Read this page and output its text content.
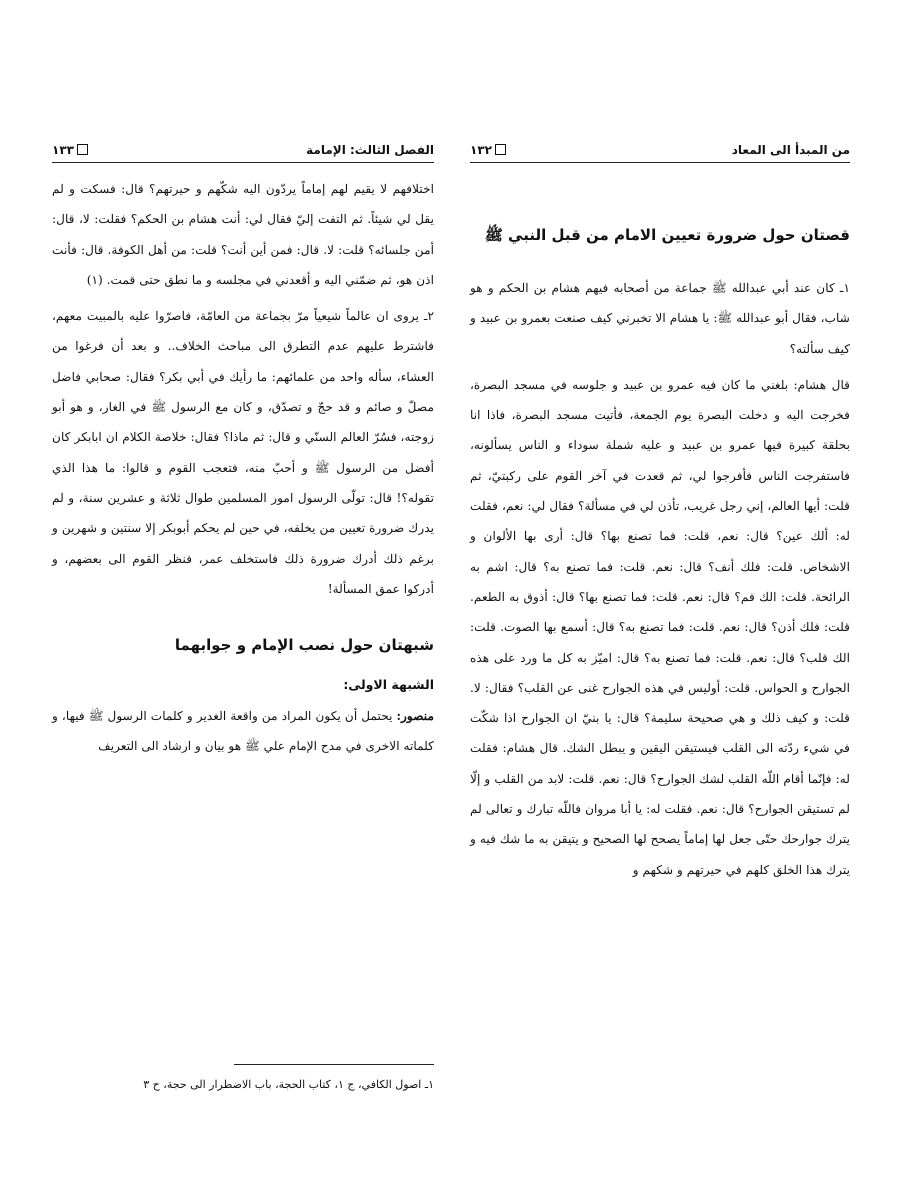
١٣٢	من المبدأ الى المعاد
قصتان حول ضرورة تعيين الامام من قبل النبي ﷺ

١ـ كان عند أبي عبدالله ﷺ جماعة من أصحابه فيهم هشام بن الحكم و هو شاب، فقال أبو عبدالله ﷺ: يا هشام الا تخبرني كيف صنعت بعمرو بن عبيد و كيف سألته؟

قال هشام: بلغني ما كان فيه عمرو بن عبيد و جلوسه في مسجد البصرة، فخرجت اليه و دخلت البصرة يوم الجمعة، فأتيت مسجد البصرة، فاذا انا بحلقة كبيرة فيها عمرو بن عبيد و عليه شملة سوداء و الناس يسألونه، فاستفرجت الناس فأفرجوا لي، ثم قعدت في آخر القوم على ركبتيّ، ثم قلت: أيها العالم، إني رجل غريب، تأذن لي في مسألة؟ فقال لي: نعم، فقلت له: ألك عين؟ قال: نعم، قلت: فما تصنع بها؟ قال: أرى بها الألوان و الاشخاص. قلت: فلك أنف؟ قال: نعم. قلت: فما تصنع به؟ قال: اشم به الرائحة. قلت: الك فم؟ قال: نعم. قلت: فما تصنع بها؟ قال: أذوق به الطعم. قلت: فلك أذن؟ قال: نعم. قلت: فما تصنع به؟ قال: أسمع بها الصوت. قلت: الك قلب؟ قال: نعم. قلت: فما تصنع به؟ قال: اميّز به كل ما ورد على هذه الجوارح و الحواس. قلت: أوليس في هذه الجوارح غنى عن القلب؟ فقال: لا. قلت: و كيف ذلك و هي صحيحة سليمة؟ قال: يا بنيّ ان الجوارح اذا شكّت في شيء ردّته الى القلب فيستيقن اليقين و يبطل الشك. قال هشام: فقلت له: فإنّما أقام اللّه القلب لشك الجوارح؟ قال: نعم. قلت: لابد من القلب و إلّا لم تستيقن الجوارح؟ قال: نعم. فقلت له: يا أبا مروان فاللّه تبارك و تعالى لم يترك جوارحك حتّى جعل لها إماماً يصحح لها الصحيح و يتيقن به ما شك فيه و يترك هذا الخلق كلهم في حيرتهم و شكهم و

١٣٣	الفصل الثالث: الإمامة

اختلافهم لا يقيم لهم إماماً يردّون اليه شكّهم و حيرتهم؟ قال: فسكت و لم يقل لي شيئاً. ثم التفت إليّ فقال لي: أنت هشام بن الحكم؟ فقلت: لا، قال: أمن جلسائه؟ قلت: لا. قال: فمن أين أنت؟ قلت: من أهل الكوفة. قال: فأنت اذن هو، ثم ضمّني اليه و أقعدني في مجلسه و ما نطق حتى قمت. (١)

٢ـ يروى ان عالماً شيعياً مرّ بجماعة من العامّة، فاصرّوا عليه بالمبيت معهم، فاشترط عليهم عدم التطرق الى مباحث الخلاف.. و بعد أن فرغوا من العشاء، سأله واحد من علمائهم: ما رأيك في أبي بكر؟ فقال: صحابي فاضل مصلّ و صائم و قد حجّ و تصدّق، و كان مع الرسول ﷺ في الغار، و هو أبو زوجته، فسُرّ العالم السنّي و قال: ثم ماذا؟ فقال: خلاصة الكلام ان ابابكر كان أفضل من الرسول ﷺ و أحبّ منه، فتعجب القوم و قالوا: ما هذا الذي تقوله؟! قال: تولّى الرسول امور المسلمين طوال ثلاثة و عشرين سنة، و لم يدرك ضرورة تعيين من يخلفه، في حين لم يحكم أبوبكر إلا سنتين و شهرين و برغم ذلك أدرك ضرورة ذلك فاستخلف عمر، فنظر القوم الى بعضهم، و أدركوا عمق المسألة!

شبهتان حول نصب الإمام و جوابهما

الشبهة الاولى:

منصور: يحتمل أن يكون المراد من واقعة الغدير و كلمات الرسول ﷺ فيها، و كلماته الاخرى في مدح الإمام علي ﷺ هو بيان و ارشاد الى التعريف

١ـ اصول الكافي، ج ١، كتاب الحجة، باب الاضطرار الى حجة، ح ٣
